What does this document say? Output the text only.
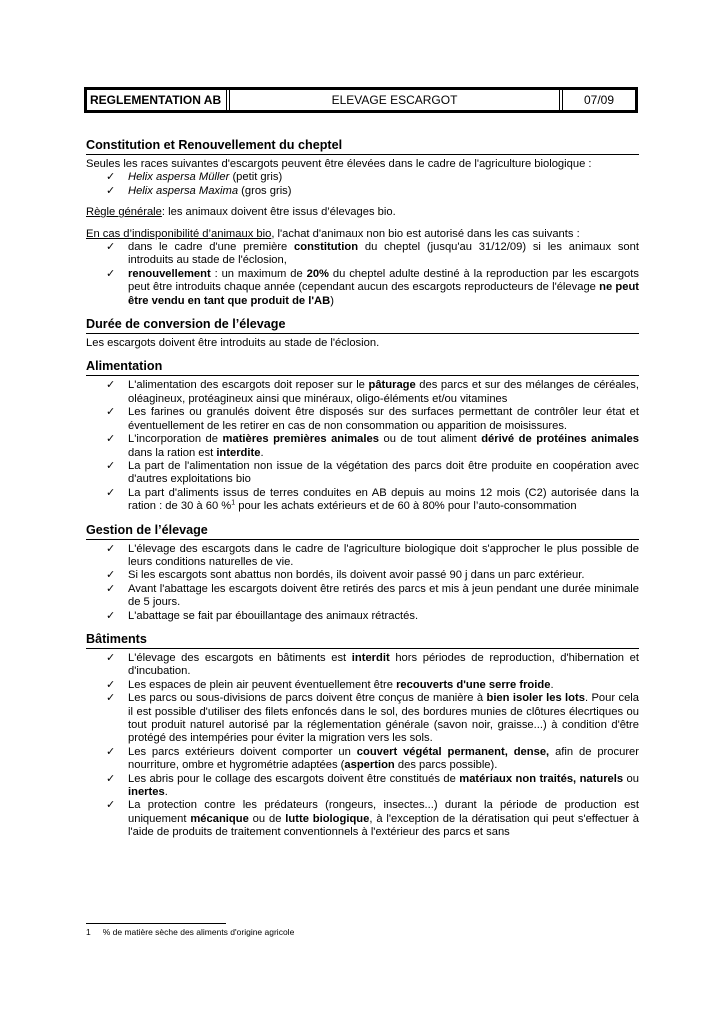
REGLEMENTATION AB	ELEVAGE ESCARGOT	07/09
Constitution et Renouvellement du cheptel

Seules les races suivantes d'escargots peuvent être élevées dans le cadre de l'agriculture biologique :

✓ Helix aspersa Müller (petit gris)
✓ Helix aspersa Maxima (gros gris)

Règle générale: les animaux doivent être issus d’élevages bio.

En cas d’indisponibilité d’animaux bio, l'achat d'animaux non bio est autorisé dans les cas suivants :

✓ dans le cadre d'une première constitution du cheptel (jusqu'au 31/12/09) si les animaux sont introduits au stade de l'éclosion,
✓ renouvellement : un maximum de 20% du cheptel adulte destiné à la reproduction par les escargots peut être introduits chaque année (cependant aucun des escargots reproducteurs de l'élevage ne peut être vendu en tant que produit de l'AB)
Durée de conversion de l’élevage

Les escargots doivent être introduits au stade de l'éclosion.

Alimentation
✓ L'alimentation des escargots doit reposer sur le pâturage des parcs et sur des mélanges de céréales, oléagineux, protéagineux ainsi que minéraux, oligo-éléments et/ou vitamines
✓ Les farines ou granulés doivent être disposés sur des surfaces permettant de contrôler leur état et éventuellement de les retirer en cas de non consommation ou apparition de moisissures.
✓ L'incorporation de matières premières animales ou de tout aliment dérivé de protéines animales dans la ration est interdite.
✓ La part de l'alimentation non issue de la végétation des parcs doit être produite en coopération avec d'autres exploitations bio
✓ La part d'aliments issus de terres conduites en AB depuis au moins 12 mois (C2) autorisée dans la ration : de 30 à 60 %$^1$ pour les achats extérieurs et de 60 à 80% pour l’auto-consommation
Gestion de l’élevage
✓ L'élevage des escargots dans le cadre de l'agriculture biologique doit s'approcher le plus possible de leurs conditions naturelles de vie.
✓ Si les escargots sont abattus non bordés, ils doivent avoir passé 90 j dans un parc extérieur.
✓ Avant l'abattage les escargots doivent être retirés des parcs et mis à jeun pendant une durée minimale de 5 jours.
✓ L'abattage se fait par ébouillantage des animaux rétractés.
Bâtiments
✓ L'élevage des escargots en bâtiments est interdit hors périodes de reproduction, d'hibernation et d'incubation.
✓ Les espaces de plein air peuvent éventuellement être recouverts d'une serre froide.
✓ Les parcs ou sous-divisions de parcs doivent être conçus de manière à bien isoler les lots. Pour cela il est possible d'utiliser des filets enfoncés dans le sol, des bordures munies de clôtures élecrtiques ou tout produit naturel autorisé par la réglementation générale (savon noir, graisse...) à condition d'être protégé des intempéries pour éviter la migration vers les sols.
✓ Les parcs extérieurs doivent comporter un couvert végétal permanent, dense, afin de procurer nourriture, ombre et hygrométrie adaptées (aspertion des parcs possible).
✓ Les abris pour le collage des escargots doivent être constitués de matériaux non traités, naturels ou inertes.
✓ La protection contre les prédateurs (rongeurs, insectes...) durant la période de production est uniquement mécanique ou de lutte biologique, à l'exception de la dératisation qui peut s'effectuer à l'aide de produits de traitement conventionnels à l'extérieur des parcs et sans
1 % de matière sèche des aliments d'origine agricole
